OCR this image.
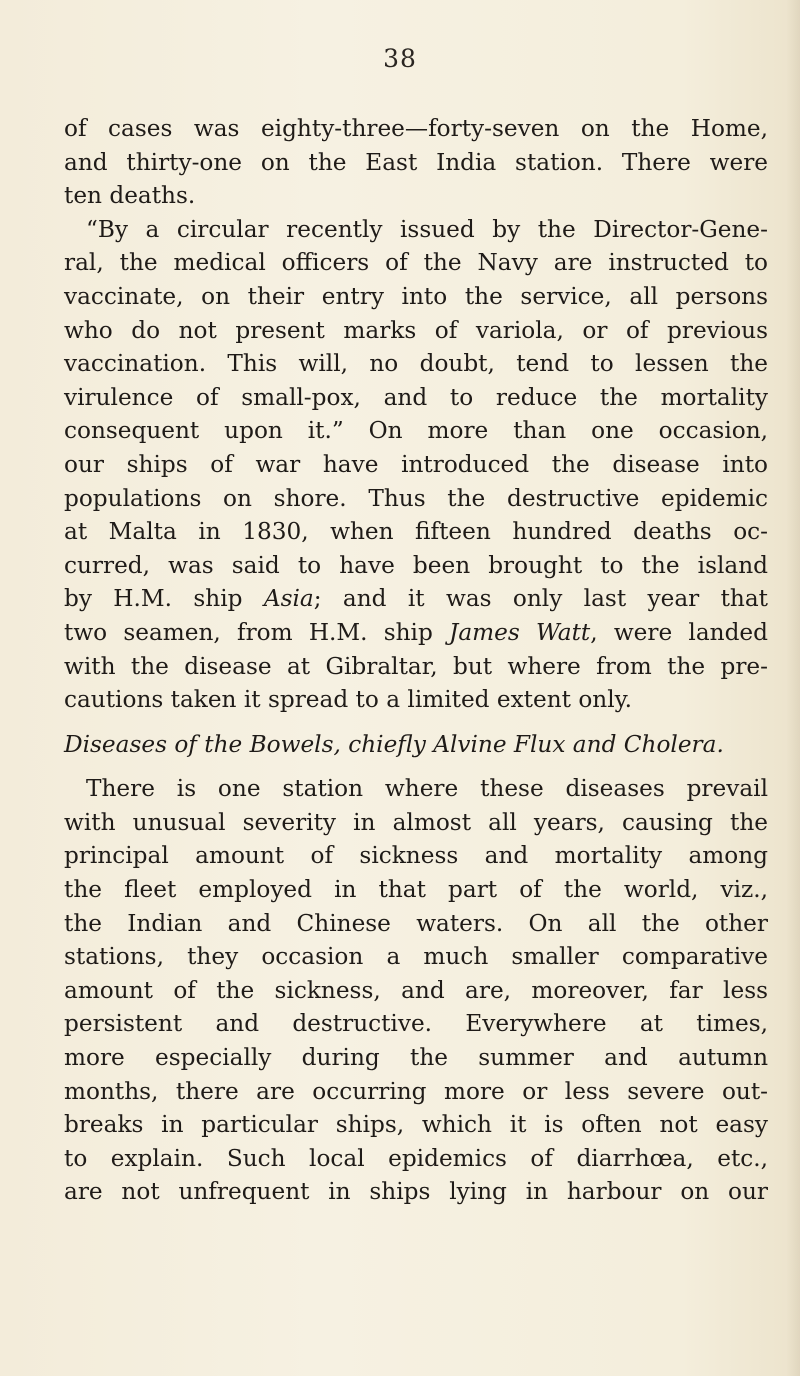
38
of cases was eighty-three—forty-seven on the Home,
and thirty-one on the East India station. There were
ten deaths.
“By a circular recently issued by the Director-Gene-
ral, the medical officers of the Navy are instructed to
vaccinate, on their entry into the service, all persons
who do not present marks of variola, or of previous
vaccination. This will, no doubt, tend to lessen the
virulence of small-pox, and to reduce the mortality
consequent upon it.” On more than one occasion,
our ships of war have introduced the disease into
populations on shore. Thus the destructive epidemic
at Malta in 1830, when fifteen hundred deaths oc-
curred, was said to have been brought to the island
by H.M. ship Asia; and it was only last year that
two seamen, from H.M. ship James Watt, were landed
with the disease at Gibraltar, but where from the pre-
cautions taken it spread to a limited extent only.
Diseases of the Bowels, chiefly Alvine Flux and Cholera.
There is one station where these diseases prevail
with unusual severity in almost all years, causing the
principal amount of sickness and mortality among
the fleet employed in that part of the world, viz.,
the Indian and Chinese waters. On all the other
stations, they occasion a much smaller comparative
amount of the sickness, and are, moreover, far less
persistent and destructive. Everywhere at times,
more especially during the summer and autumn
months, there are occurring more or less severe out-
breaks in particular ships, which it is often not easy
to explain. Such local epidemics of diarrhœa, etc.,
are not unfrequent in ships lying in harbour on our
